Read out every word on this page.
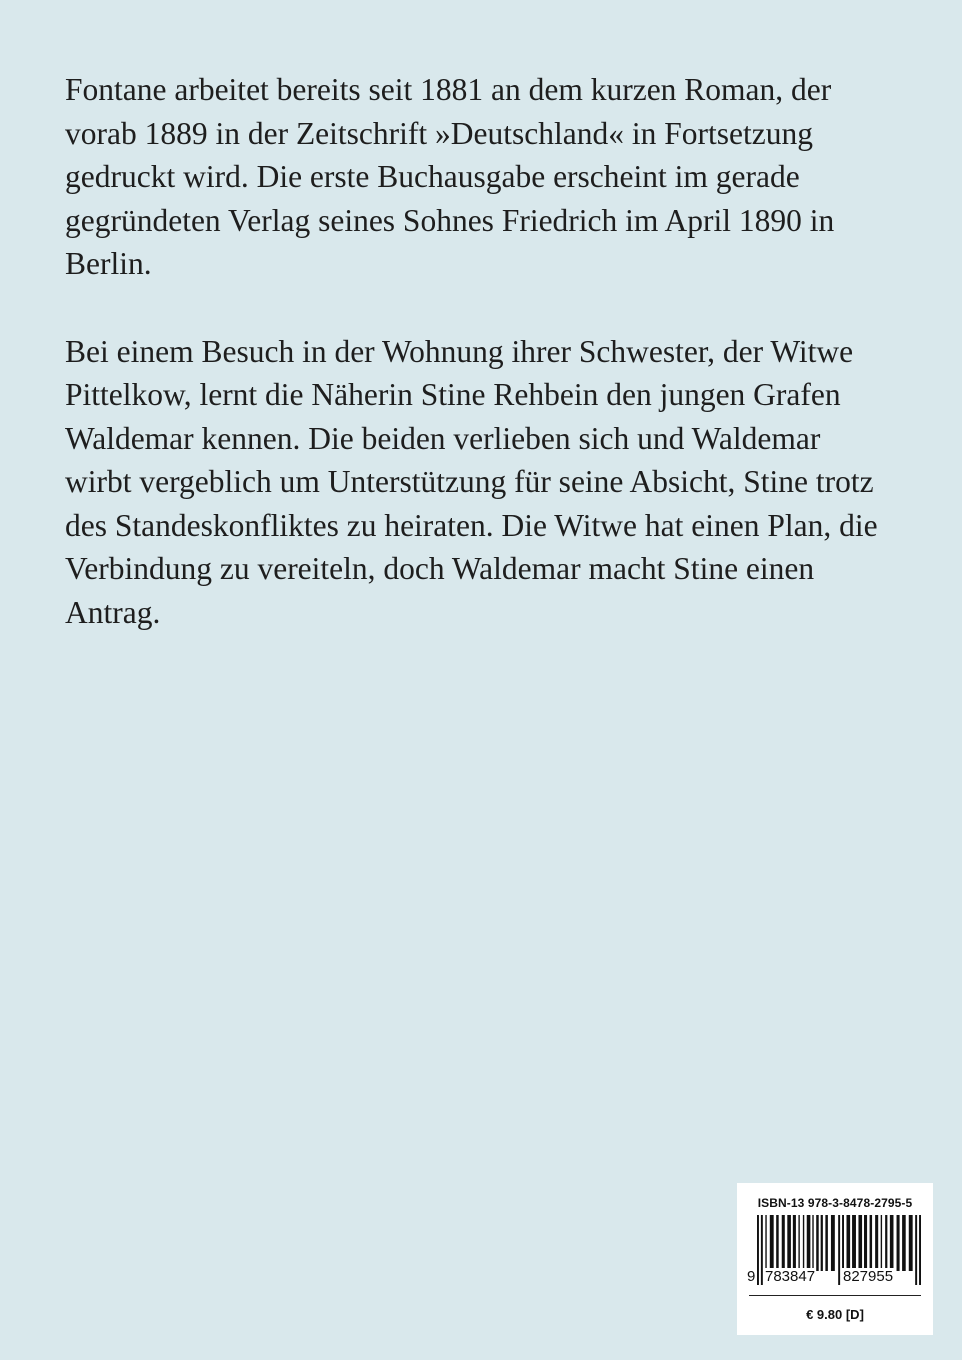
Fontane arbeitet bereits seit 1881 an dem kurzen Roman, der
vorab 1889 in der Zeitschrift »Deutschland« in Fortsetzung
gedruckt wird. Die erste Buchausgabe erscheint im gerade
gegründeten Verlag seines Sohnes Friedrich im April 1890 in
Berlin.

Bei einem Besuch in der Wohnung ihrer Schwester, der Witwe
Pittelkow, lernt die Näherin Stine Rehbein den jungen Grafen
Waldemar kennen. Die beiden verlieben sich und Waldemar
wirbt vergeblich um Unterstützung für seine Absicht, Stine trotz
des Standeskonfliktes zu heiraten. Die Witwe hat einen Plan, die
Verbindung zu vereiteln, doch Waldemar macht Stine einen
Antrag.

ISBN-13 978-3-8478-2795-5
9 783847 827955
€ 9.80 [D]
